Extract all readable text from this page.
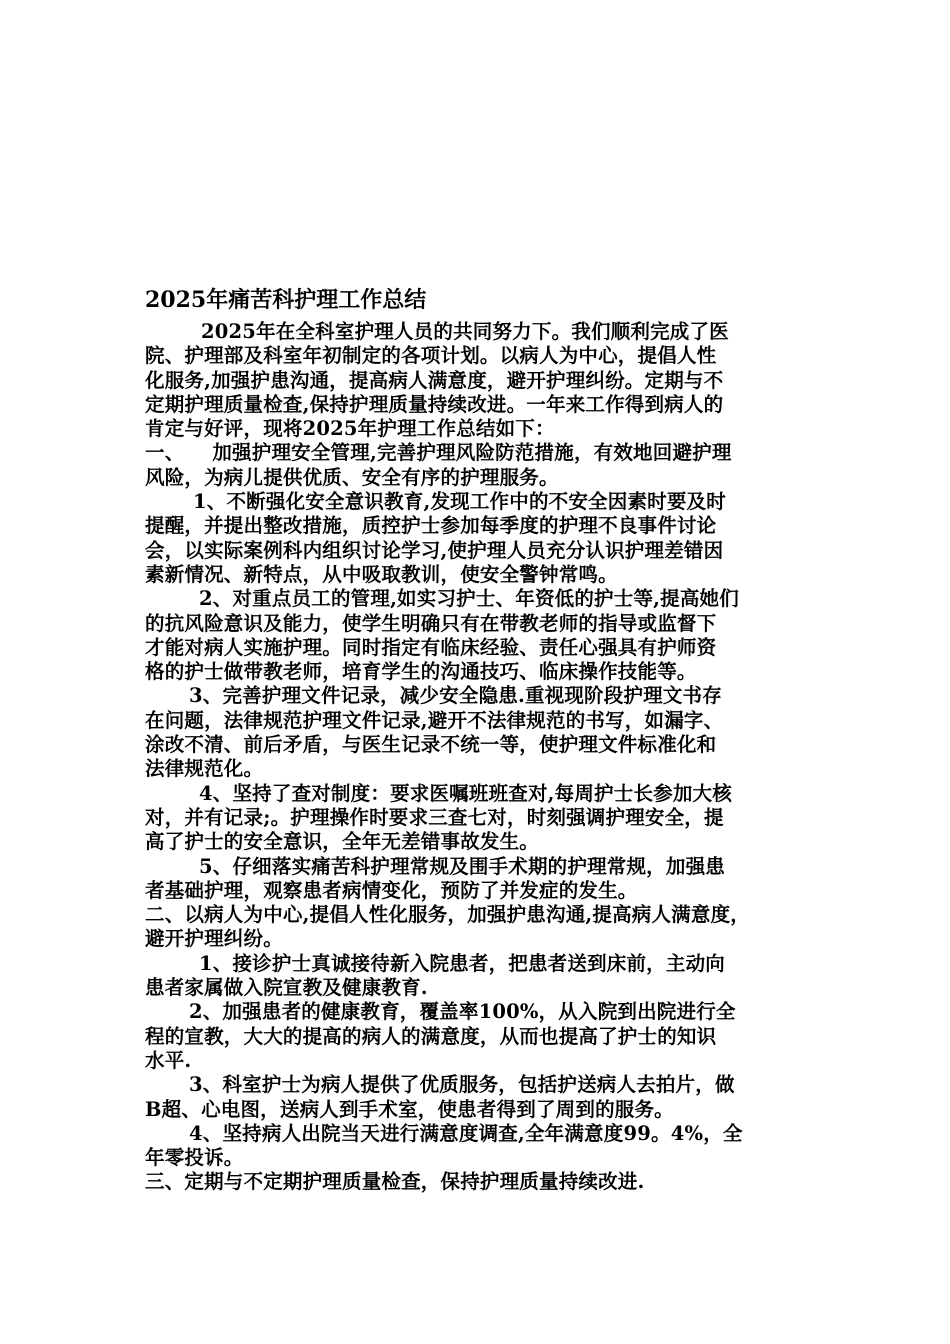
2025年痛苦科护理工作总结
2025年在全科室护理人员的共同努力下。我们顺利完成了医
院、护理部及科室年初制定的各项计划。以病人为中心，提倡人性
化服务,加强护患沟通，提高病人满意度，避开护理纠纷。定期与不
定期护理质量检查,保持护理质量持续改进。一年来工作得到病人的
肯定与好评，现将2025年护理工作总结如下：
一、    加强护理安全管理,完善护理风险防范措施，有效地回避护理
风险，为病儿提供优质、安全有序的护理服务。
1、不断强化安全意识教育,发现工作中的不安全因素时要及时
提醒，并提出整改措施，质控护士参加每季度的护理不良事件讨论
会，以实际案例科内组织讨论学习,使护理人员充分认识护理差错因
素新情况、新特点，从中吸取教训，使安全警钟常鸣。
2、对重点员工的管理,如实习护士、年资低的护士等,提高她们
的抗风险意识及能力，使学生明确只有在带教老师的指导或监督下
才能对病人实施护理。同时指定有临床经验、责任心强具有护师资
格的护士做带教老师，培育学生的沟通技巧、临床操作技能等。
3、完善护理文件记录，减少安全隐患.重视现阶段护理文书存
在问题，法律规范护理文件记录,避开不法律规范的书写，如漏字、
涂改不清、前后矛盾，与医生记录不统一等，使护理文件标准化和
法律规范化。
4、坚持了查对制度：要求医嘱班班查对,每周护士长参加大核
对，并有记录;。护理操作时要求三查七对，时刻强调护理安全，提
高了护士的安全意识，全年无差错事故发生。
5、仔细落实痛苦科护理常规及围手术期的护理常规，加强患
者基础护理，观察患者病情变化，预防了并发症的发生。
二、以病人为中心,提倡人性化服务，加强护患沟通,提高病人满意度，
避开护理纠纷。
1、接诊护士真诚接待新入院患者，把患者送到床前，主动向
患者家属做入院宣教及健康教育.
2、加强患者的健康教育，覆盖率100%，从入院到出院进行全
程的宣教，大大的提高的病人的满意度，从而也提高了护士的知识
水平.
3、科室护士为病人提供了优质服务，包括护送病人去拍片，做
B超、心电图，送病人到手术室，使患者得到了周到的服务。
4、坚持病人出院当天进行满意度调查,全年满意度99。4%，全
年零投诉。
三、定期与不定期护理质量检查，保持护理质量持续改进.
